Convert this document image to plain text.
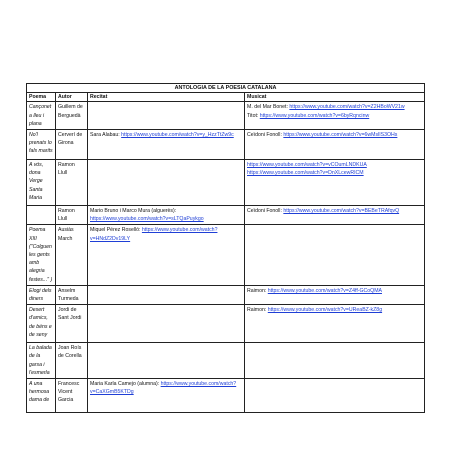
ANTOLOGIA DE LA POESIA CATALANA			
Poema	Autor	Recitat	Musicat
Cançoneta lleu i plana	Guillem de Berguedà		M. del Mar Bonet: https://www.youtube.com/watch?v=Z2HBoWV21w
Titot: https://www.youtube.com/watch?v=6byRqncinw
No'l prenats lo fals marits	Cerverí de Girona	Sara Alabau: https://www.youtube.com/watch?v=y_HzzTtZw9c	Ceïdoni Fonoll: https://www.youtube.com/watch?v=6wMslIS3OHs
A vós, dona Verge Santa Maria	Ramon Llull		https://www.youtube.com/watch?v=vCOumLNDKUA
https://www.youtube.com/watch?v=DnXLcewRICM
	Ramon Llull	Mario Bruno i Marco Mura (alguerès): https://www.youtube.com/watch?v=sLTQaPuykgo	Ceïdoni Fonoll: https://www.youtube.com/watch?v=BEBeTRAfqvQ
Poema XIII ("Colguen les gents amb alegria festes..." )	Ausiàs March	Miquel Pérez Roselló: https://www.youtube.com/watch?v=HNdZ2Dv19LY	
Elogi dels diners	Anselm Turmeda		Raimon: https://www.youtube.com/watch?v=Z4ff-GCoQMA
Desert d'amics, de béns e de seny	Jordi de Sant Jordi		Raimon: https://www.youtube.com/watch?v=UReaBZ-kZ8g
La balada de la garsa i l'esmerla	Joan Roís de Corella		
A una hermosa dama de	Francesc Vicent Garcia	Maria Karla Camejo (alumna): https://www.youtube.com/watch?v=CaXGmB5KTDg	
